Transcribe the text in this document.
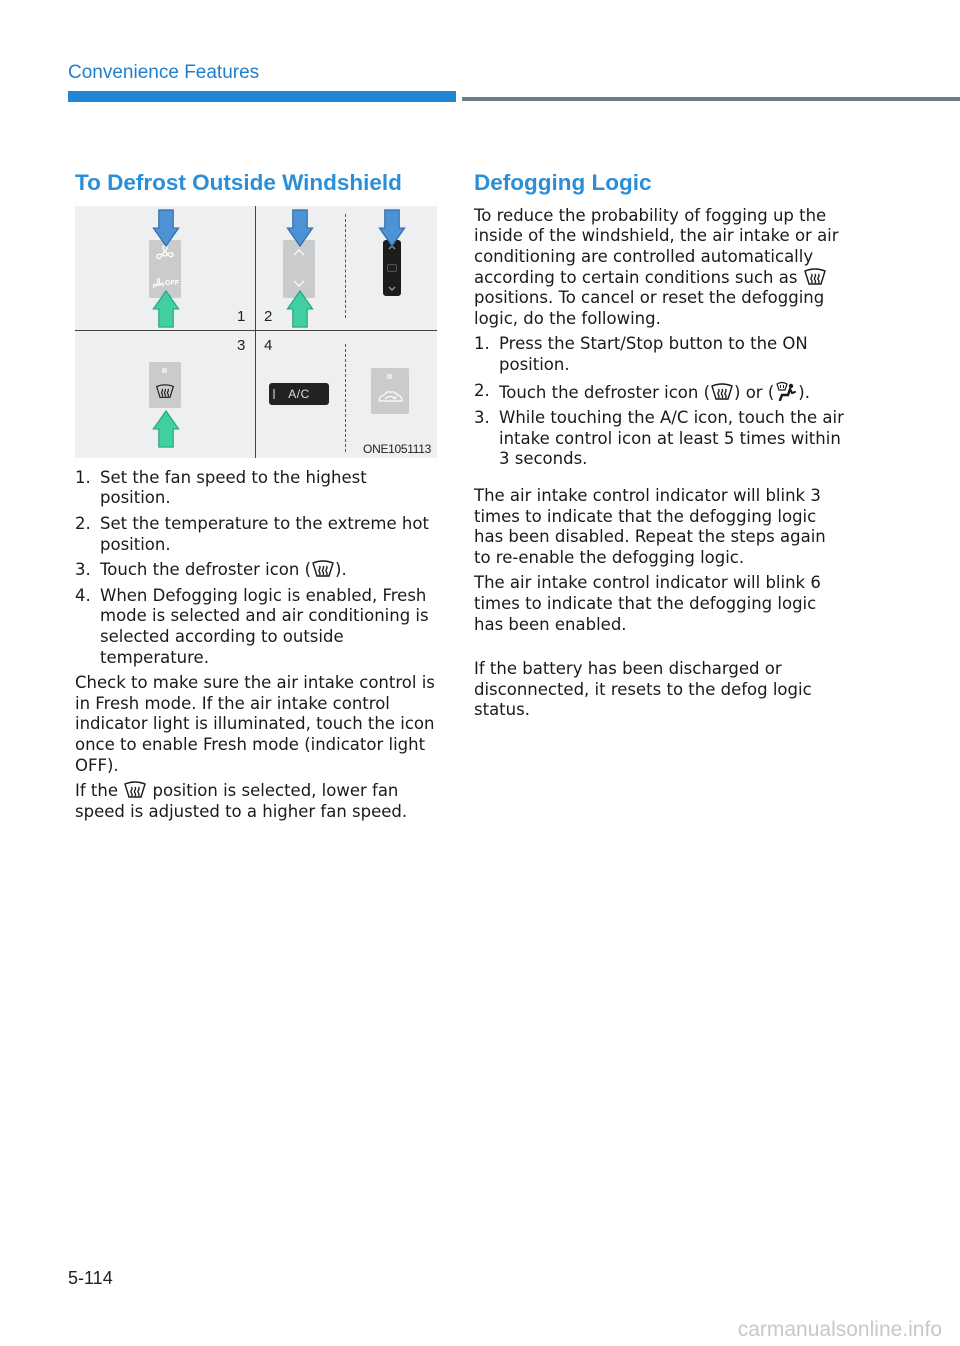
Convenience Features
To Defrost Outside Windshield
OFF
1 2
3 4
A/C
ONE1051113
1. Set the fan speed to the highest position.
2. Set the temperature to the extreme hot position.
3. Touch the defroster icon ( ).
4. When Defogging logic is enabled, Fresh mode is selected and air conditioning is selected according to outside temperature.

Check to make sure the air intake control is in Fresh mode. If the air intake control indicator light is illuminated, touch the icon once to enable Fresh mode (indicator light OFF).

If the  position is selected, lower fan speed is adjusted to a higher fan speed.

Defogging Logic

To reduce the probability of fogging up the inside of the windshield, the air intake or air conditioning are controlled automatically according to certain conditions such as  positions. To cancel or reset the defogging logic, do the following.

1. Press the Start/Stop button to the ON position.
2. Touch the defroster icon ( ) or ( ).
3. While touching the A/C icon, touch the air intake control icon at least 5 times within 3 seconds.

The air intake control indicator will blink 3 times to indicate that the defogging logic has been disabled. Repeat the steps again to re-enable the defogging logic.

The air intake control indicator will blink 6 times to indicate that the defogging logic has been enabled.

If the battery has been discharged or disconnected, it resets to the defog logic status.

5-114
carmanualsonline.info
